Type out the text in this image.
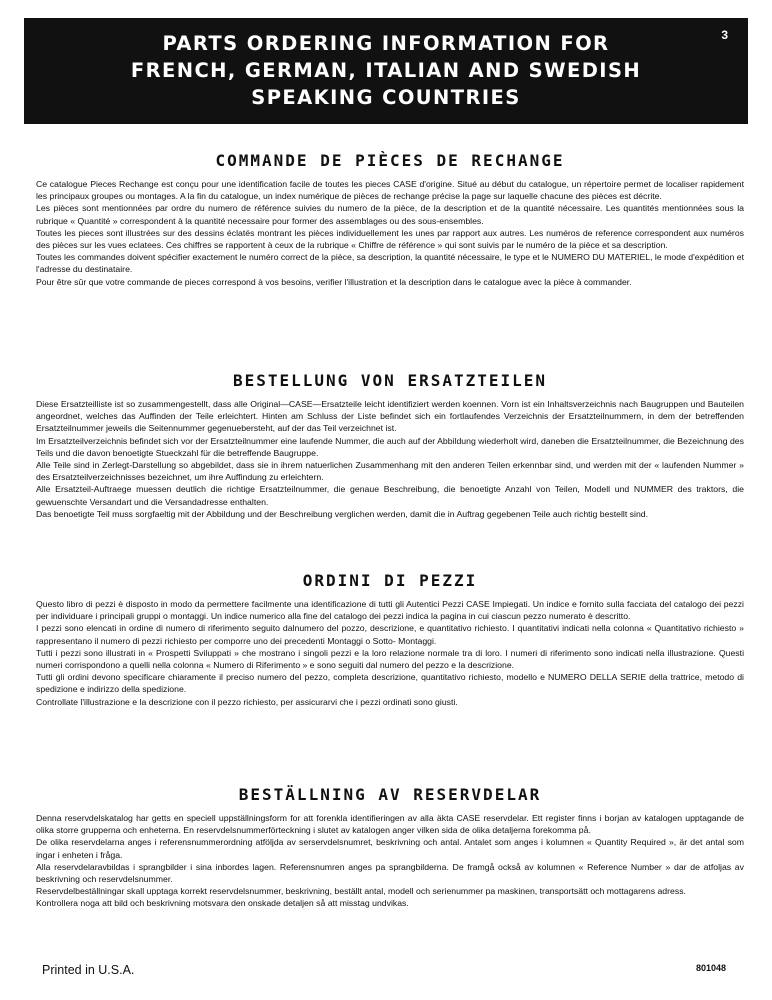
PARTS ORDERING INFORMATION FOR
FRENCH, GERMAN, ITALIAN AND SWEDISH
SPEAKING COUNTRIES
3
COMMANDE DE PIÈCES DE RECHANGE

Ce catalogue Pieces Rechange est conçu pour une identification facile de toutes les pieces CASE d'origine. Situé au début du catalogue, un répertoire permet de localiser rapidement les principaux groupes ou montages. A la fin du catalogue, un index numérique de pièces de rechange précise la page sur laquelle chacune des pièces est décrite.

Les pièces sont mentionnées par ordre du numero de référence suivies du numero de la pièce, de la description et de la quantité nécessaire. Les quantités mentionnées sous la rubrique « Quantité » correspondent à la quantité necessaire pour former des assemblages ou des sous-ensembles.

Toutes les pieces sont illustrées sur des dessins éclatés montrant les pièces individuellement les unes par rapport aux autres. Les numéros de reference correspondent aux numéros des pièces sur les vues eclatees. Ces chiffres se rapportent à ceux de la rubrique « Chiffre de référence » qui sont suivis par le numéro de la pièce et sa description.

Toutes les commandes doivent spécifier exactement le numéro correct de la pièce, sa description, la quantité nécessaire, le type et le NUMERO DU MATERIEL, le mode d'expédition et l'adresse du destinataire.

Pour être sûr que votre commande de pieces correspond à vos besoins, verifier l'illustration et la description dans le catalogue avec la pièce à commander.

BESTELLUNG VON ERSATZTEILEN

Diese Ersatzteilliste ist so zusammengestellt, dass alle Original—CASE—Ersatzteile leicht identifiziert werden koennen. Vorn ist ein Inhaltsverzeichnis nach Baugruppen und Bauteilen angeordnet, welches das Auffinden der Teile erleichtert. Hinten am Schluss der Liste befindet sich ein fortlaufendes Verzeichnis der Ersatzteilnummern, in dem der betreffenden Ersatzteilnummer jeweils die Seitennummer gegenuebersteht, auf der das Teil verzeichnet ist.

Im Ersatzteilverzeichnis befindet sich vor der Ersatzteilnummer eine laufende Nummer, die auch auf der Abbildung wiederholt wird, daneben die Ersatzteilnummer, die Bezeichnung des Teils und die davon benoetigte Stueckzahl für die betreffende Baugruppe.

Alle Teile sind in Zerlegt-Darstellung so abgebildet, dass sie in ihrem natuerlichen Zusammenhang mit den anderen Teilen erkennbar sind, und werden mit der « laufenden Nummer » des Ersatzteilverzeichnisses bezeichnet, um ihre Auffindung zu erleichtern.

Alle Ersatzteil-Auftraege muessen deutlich die richtige Ersatzteilnummer, die genaue Beschreibung, die benoetigte Anzahl von Teilen, Modell und NUMMER des traktors, die gewuenschte Versandart und die Versandadresse enthalten.

Das benoetigte Teil muss sorgfaeltig mit der Abbildung und der Beschreibung verglichen werden, damit die in Auftrag gegebenen Teile auch richtig bestellt sind.

ORDINI DI PEZZI

Questo libro di pezzi è disposto in modo da permettere facilmente una identificazione di tutti gli Autentici Pezzi CASE Impiegati. Un indice e fornito sulla facciata del catalogo dei pezzi per individuare i principali gruppi o montaggi. Un indice numerico alla fine del catalogo dei pezzi indica la pagina in cui ciascun pezzo numerato è descritto.

I pezzi sono elencati in ordine di numero di riferimento seguito dalnumero del pozzo, descrizione, e quantitativo richiesto. I quantitativi indicati nella colonna « Quantitativo richiesto » rappresentano il numero di pezzi richiesto per comporre uno dei precedenti Montaggi o Sotto- Montaggi.

Tutti i pezzi sono illustrati in « Prospetti Sviluppati » che mostrano i singoli pezzi e la loro relazione normale tra di loro. I numeri di riferimento sono indicati nella illustrazione. Questi numeri corrispondono a quelli nella colonna « Numero di Riferimento » e sono seguiti dal numero del pezzo e la descrizione.

Tutti gli ordini devono specificare chiaramente il preciso numero del pezzo, completa descrizione, quantitativo richiesto, modello e NUMERO DELLA SERIE della trattrice, metodo di spedizione e indirizzo della spedizione.

Controllate l'illustrazione e la descrizione con il pezzo richiesto, per assicurarvi che i pezzi ordinati sono giusti.

BESTÄLLNING AV RESERVDELAR

Denna reservdelskatalog har getts en speciell uppställningsform for att forenkla identifieringen av alla äkta CASE reservdelar. Ett register finns i borjan av katalogen upptagande de olika storre grupperna och enheterna. En reservdelsnummerförteckning i slutet av katalogen anger vilken sida de olika detaljerna forekomma på.

De olika reservdelarna anges i referensnummerordning atföljda av serservdelsnumret, beskrivning och antal. Antalet som anges i kolumnen « Quantity Required », är det antal som ingar i enheten i fråga.

Alla reservdelaravbildas i sprangbilder i sina inbordes lagen. Referensnumren anges pa sprangbilderna. De framgå också av kolumnen « Reference Number » dar de atfoljas av beskrivning och reservdelsnummer.

Reservdelbeställningar skall upptaga korrekt reservdelsnummer, beskrivning, beställt antal, modell och serienummer pa maskinen, transportsätt och mottagarens adress.

Kontrollera noga att bild och beskrivning motsvara den onskade detaljen så att misstag undvikas.

Printed in U.S.A.	801048
